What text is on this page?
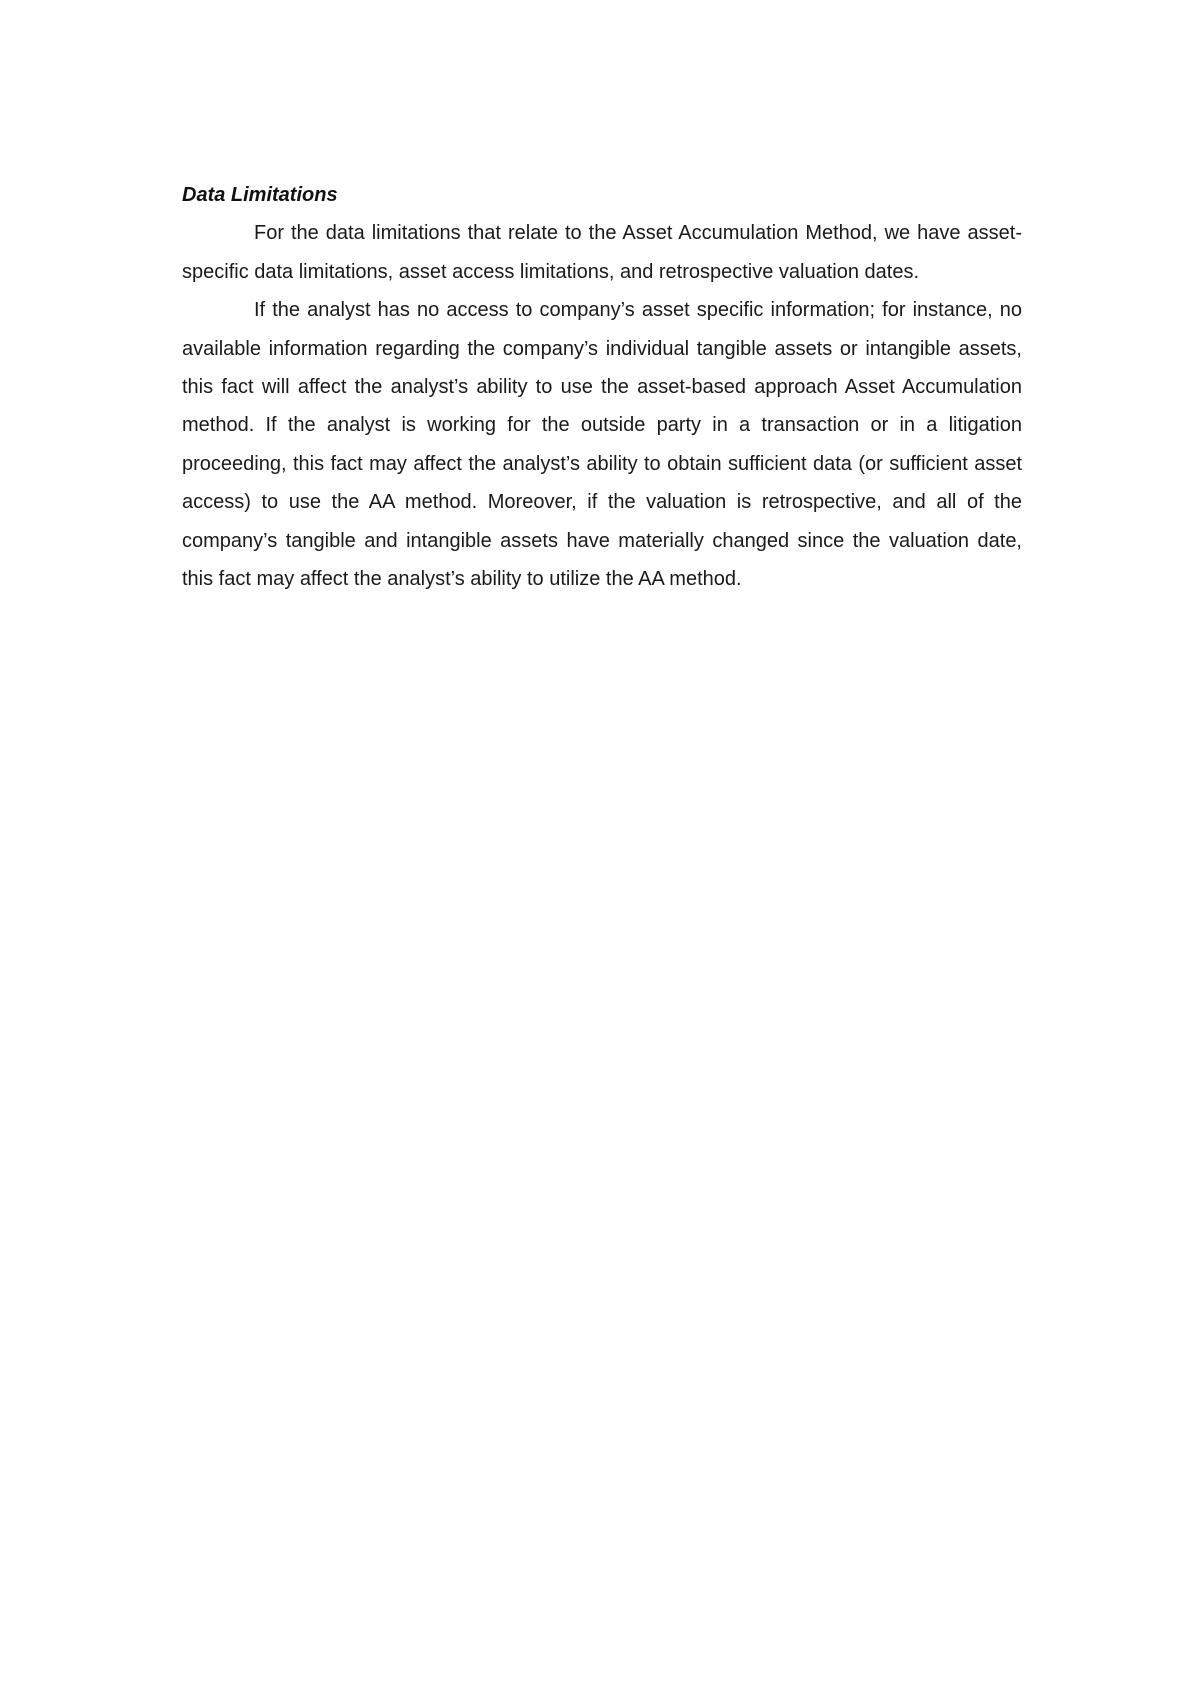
Data Limitations

For the data limitations that relate to the Asset Accumulation Method, we have asset-specific data limitations, asset access limitations, and retrospective valuation dates.

If the analyst has no access to company’s asset specific information; for instance, no available information regarding the company’s individual tangible assets or intangible assets, this fact will affect the analyst’s ability to use the asset-based approach Asset Accumulation method. If the analyst is working for the outside party in a transaction or in a litigation proceeding, this fact may affect the analyst’s ability to obtain sufficient data (or sufficient asset access) to use the AA method. Moreover, if the valuation is retrospective, and all of the company’s tangible and intangible assets have materially changed since the valuation date, this fact may affect the analyst’s ability to utilize the AA method.
